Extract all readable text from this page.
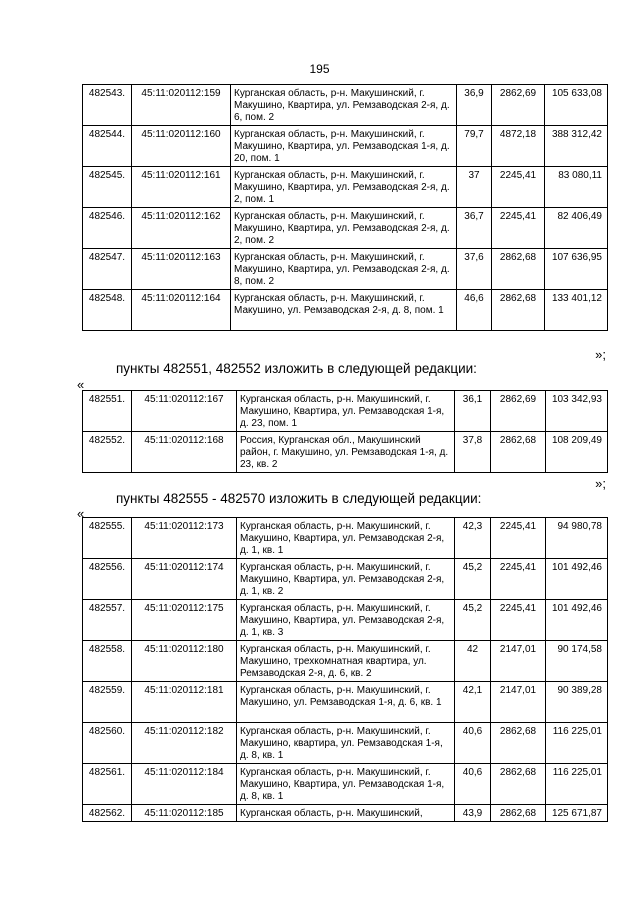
195
482543.	45:11:020112:159	Курганская область, р-н. Макушинский, г. Макушино, Квартира, ул. Ремзаводская 2-я, д. 6, пом. 2	36,9	2862,69	105 633,08
482544.	45:11:020112:160	Курганская область, р-н. Макушинский, г. Макушино, Квартира, ул. Ремзаводская 1-я, д. 20, пом. 1	79,7	4872,18	388 312,42
482545.	45:11:020112:161	Курганская область, р-н. Макушинский, г. Макушино, Квартира, ул. Ремзаводская 2-я, д. 2, пом. 1	37	2245,41	83 080,11
482546.	45:11:020112:162	Курганская область, р-н. Макушинский, г. Макушино, Квартира, ул. Ремзаводская 2-я, д. 2, пом. 2	36,7	2245,41	82 406,49
482547.	45:11:020112:163	Курганская область, р-н. Макушинский, г. Макушино, Квартира, ул. Ремзаводская 2-я, д. 8, пом. 2	37,6	2862,68	107 636,95
482548.	45:11:020112:164	Курганская область, р-н. Макушинский, г. Макушино, ул. Ремзаводская 2-я, д. 8, пом. 1	46,6	2862,68	133 401,12
»;
пункты 482551, 482552 изложить в следующей редакции:
«
482551.	45:11:020112:167	Курганская область, р-н. Макушинский, г. Макушино, Квартира, ул. Ремзаводская 1-я, д. 23, пом. 1	36,1	2862,69	103 342,93
482552.	45:11:020112:168	Россия, Курганская обл., Макушинский район, г. Макушино, ул. Ремзаводская 1-я, д. 23, кв. 2	37,8	2862,68	108 209,49
»;
пункты 482555 - 482570 изложить в следующей редакции:
«
482555.	45:11:020112:173	Курганская область, р-н. Макушинский, г. Макушино, Квартира, ул. Ремзаводская 2-я, д. 1, кв. 1	42,3	2245,41	94 980,78
482556.	45:11:020112:174	Курганская область, р-н. Макушинский, г. Макушино, Квартира, ул. Ремзаводская 2-я, д. 1, кв. 2	45,2	2245,41	101 492,46
482557.	45:11:020112:175	Курганская область, р-н. Макушинский, г. Макушино, Квартира, ул. Ремзаводская 2-я, д. 1, кв. 3	45,2	2245,41	101 492,46
482558.	45:11:020112:180	Курганская область, р-н. Макушинский, г. Макушино, трехкомнатная квартира, ул. Ремзаводская 2-я, д. 6, кв. 2	42	2147,01	90 174,58
482559.	45:11:020112:181	Курганская область, р-н. Макушинский, г. Макушино, ул. Ремзаводская 1-я, д. 6, кв. 1	42,1	2147,01	90 389,28
482560.	45:11:020112:182	Курганская область, р-н. Макушинский, г. Макушино, квартира, ул. Ремзаводская 1-я, д. 8, кв. 1	40,6	2862,68	116 225,01
482561.	45:11:020112:184	Курганская область, р-н. Макушинский, г. Макушино, Квартира, ул. Ремзаводская 1-я, д. 8, кв. 1	40,6	2862,68	116 225,01
482562.	45:11:020112:185	Курганская область, р-н. Макушинский,	43,9	2862,68	125 671,87
